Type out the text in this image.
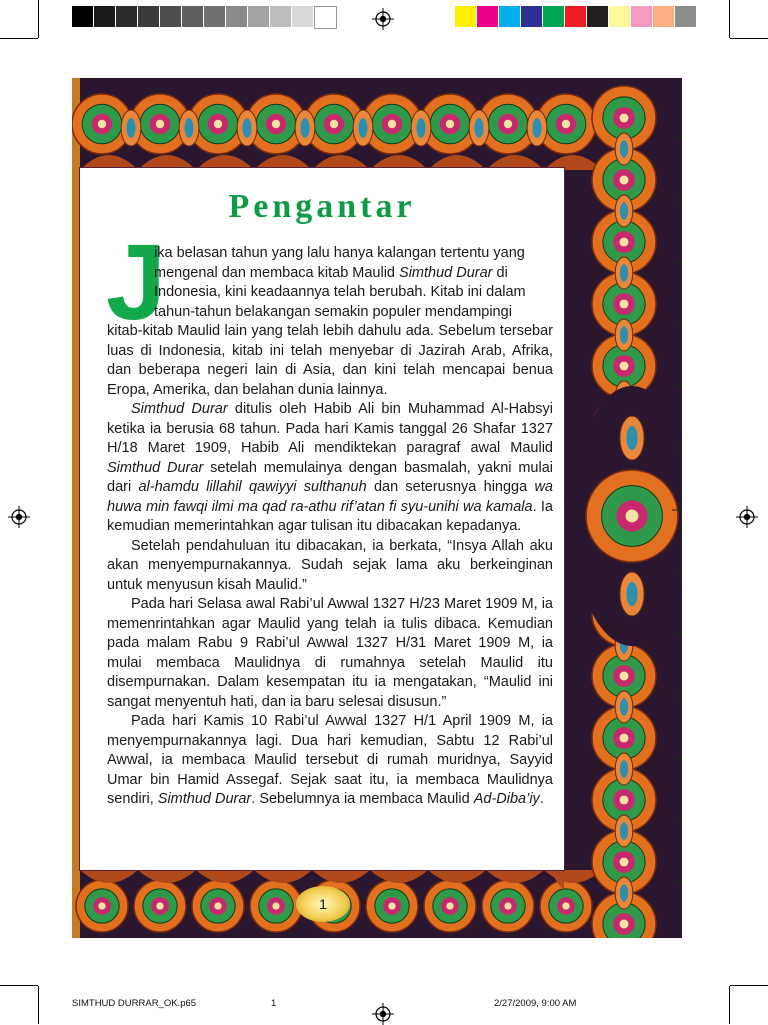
Pengantar
J

ika belasan tahun yang lalu hanya kalangan tertentu yang
mengenal dan membaca kitab Maulid Simthud Durar di
Indonesia, kini keadaannya telah berubah. Kitab ini dalam
tahun-tahun belakangan semakin populer mendampingi
kitab-kitab Maulid lain yang telah lebih dahulu ada. Sebelum tersebar luas di Indonesia, kitab ini telah menyebar di Jazirah Arab, Afrika, dan beberapa negeri lain di Asia, dan kini telah mencapai benua Eropa, Amerika, dan belahan dunia lainnya.

Simthud Durar ditulis oleh Habib Ali bin Muhammad Al-Habsyi ketika ia berusia 68 tahun. Pada hari Kamis tanggal 26 Shafar 1327 H/18 Maret 1909, Habib Ali mendiktekan paragraf awal Maulid Simthud Durar setelah memulainya dengan basmalah, yakni mulai dari al-hamdu lillahil qawiyyi sulthanuh dan seterusnya hingga wa huwa min fawqi ilmi ma qad ra-athu rif’atan fi syu-unihi wa kamala. Ia kemudian memerintahkan agar tulisan itu dibacakan kepadanya.

Setelah pendahuluan itu dibacakan, ia berkata, “Insya Allah aku akan menyempurnakannya. Sudah sejak lama aku berkeinginan untuk menyusun kisah Maulid.”

Pada hari Selasa awal Rabi’ul Awwal 1327 H/23 Maret 1909 M, ia memenrintahkan agar Maulid yang telah ia tulis dibaca. Kemudian pada malam Rabu 9 Rabi’ul Awwal 1327 H/31 Maret 1909 M, ia mulai membaca Maulidnya di rumahnya setelah Maulid itu disempurnakan. Dalam kesempatan itu ia mengatakan, “Maulid ini sangat menyentuh hati, dan ia baru selesai disusun.”

Pada hari Kamis 10 Rabi’ul Awwal 1327 H/1 April 1909 M, ia menyempurnakannya lagi. Dua hari kemudian, Sabtu 12 Rabi’ul Awwal, ia membaca Maulid tersebut di rumah muridnya, Sayyid Umar bin Hamid Assegaf. Sejak saat itu, ia membaca Maulidnya sendiri, Simthud Durar. Sebelumnya ia membaca Maulid Ad-Diba’iy.

1
SIMTHUD DURRAR_OK.p65	1	2/27/2009, 9:00 AM
